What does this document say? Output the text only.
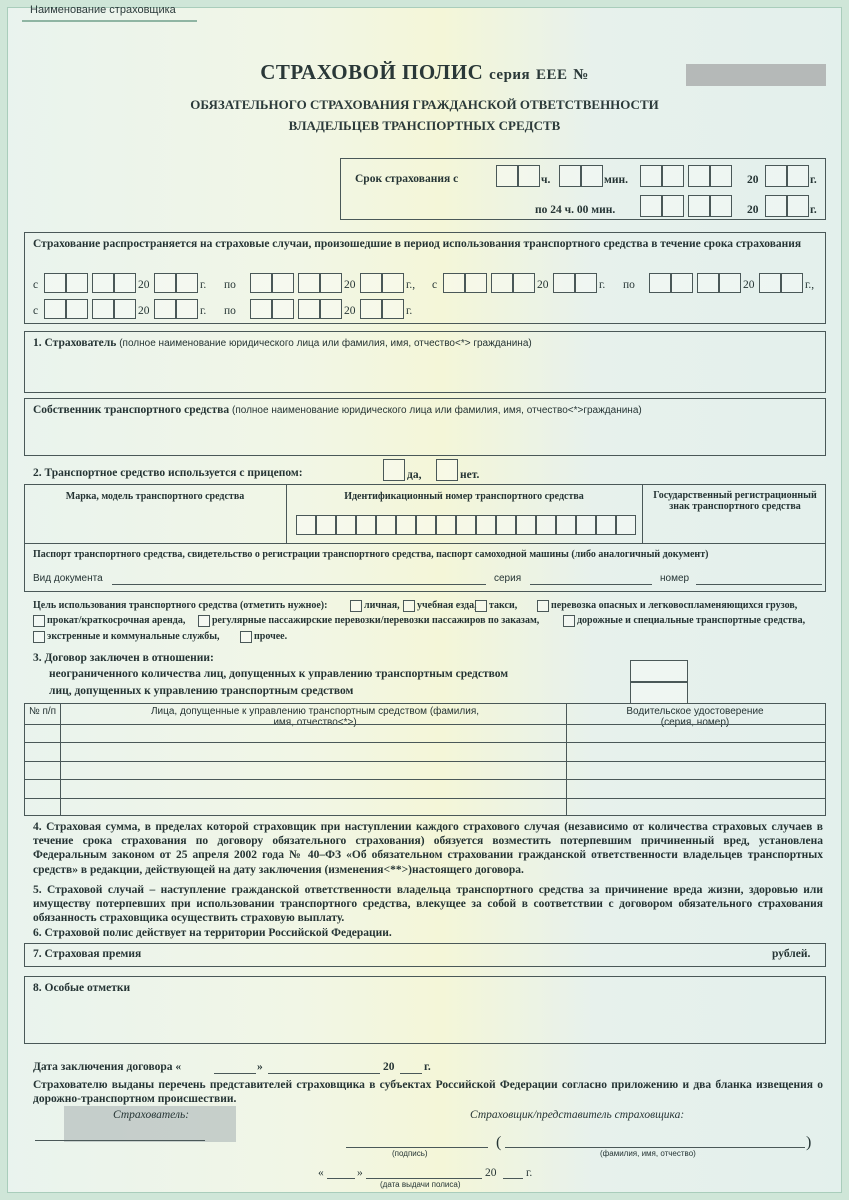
Наименование страховщика
СТРАХОВОЙ ПОЛИС серия ЕЕЕ №
ОБЯЗАТЕЛЬНОГО СТРАХОВАНИЯ ГРАЖДАНСКОЙ ОТВЕТСТВЕННОСТИ
ВЛАДЕЛЬЦЕВ ТРАНСПОРТНЫХ СРЕДСТВ
Срок страхования с	ч.	мин.	20	г.
по 24 ч. 00 мин.	20	г.
Страхование распространяется на страховые случаи, произошедшие в период использования транспортного средства в течение срока страхования
с	20	г. по	20	г., с	20	г. по	20	г.,
с	20	г. по	20	г.
1. Страхователь (полное наименование юридического лица или фамилия, имя, отчество<*> гражданина)
Собственник транспортного средства (полное наименование юридического лица или фамилия, имя, отчество<*>гражданина)
2. Транспортное средство используется с прицепом:	да,	нет.
Марка, модель транспортного средства	Идентификационный номер транспортного средства	Государственный регистрационный знак транспортного средства
Паспорт транспортного средства, свидетельство о регистрации транспортного средства, паспорт самоходной машины (либо аналогичный документ)
Вид документа	серия	номер
Цель использования транспортного средства (отметить нужное):	личная, учебная езда, такси,	перевозка опасных и легковоспламеняющихся грузов,
прокат/краткосрочная аренда,	регулярные пассажирские перевозки/перевозки пассажиров по заказам,	дорожные и специальные транспортные средства,
экстренные и коммунальные службы,	прочее.
3. Договор заключен в отношении:
неограниченного количества лиц, допущенных к управлению транспортным средством
лиц, допущенных к управлению транспортным средством
№ п/п	Лица, допущенные к управлению транспортным средством (фамилия, имя, отчество<*>)
Водительское удостоверение (серия, номер)
4. Страховая сумма, в пределах которой страховщик при наступлении каждого страхового случая (независимо от количества страховых случаев в течение срока страхования по договору обязательного страхования) обязуется возместить потерпевшим причиненный вред, установлена Федеральным законом от 25 апреля 2002 года № 40–ФЗ «Об обязательном страховании гражданской ответственности владельцев транспортных средств» в редакции, действующей на дату заключения (изменения<**>)настоящего договора.
5. Страховой случай – наступление гражданской ответственности владельца транспортного средства за причинение вреда жизни, здоровью или имуществу потерпевших при использовании транспортного средства, влекущее за собой в соответствии с договором обязательного страхования обязанность страховщика осуществить страховую выплату.
6. Страховой полис действует на территории Российской Федерации.
7. Страховая премия	рублей.
8. Особые отметки
Дата заключения договора «	»	20	г.
Страхователю выданы перечень представителей страховщика в субъектах Российской Федерации согласно приложению и два бланка извещения о дорожно-транспортном происшествии.
Страхователь:	Страховщик/представитель страховщика:
(	)
(подпись)	(фамилия, имя, отчество)
«	»	20	г.
(дата выдачи полиса)
